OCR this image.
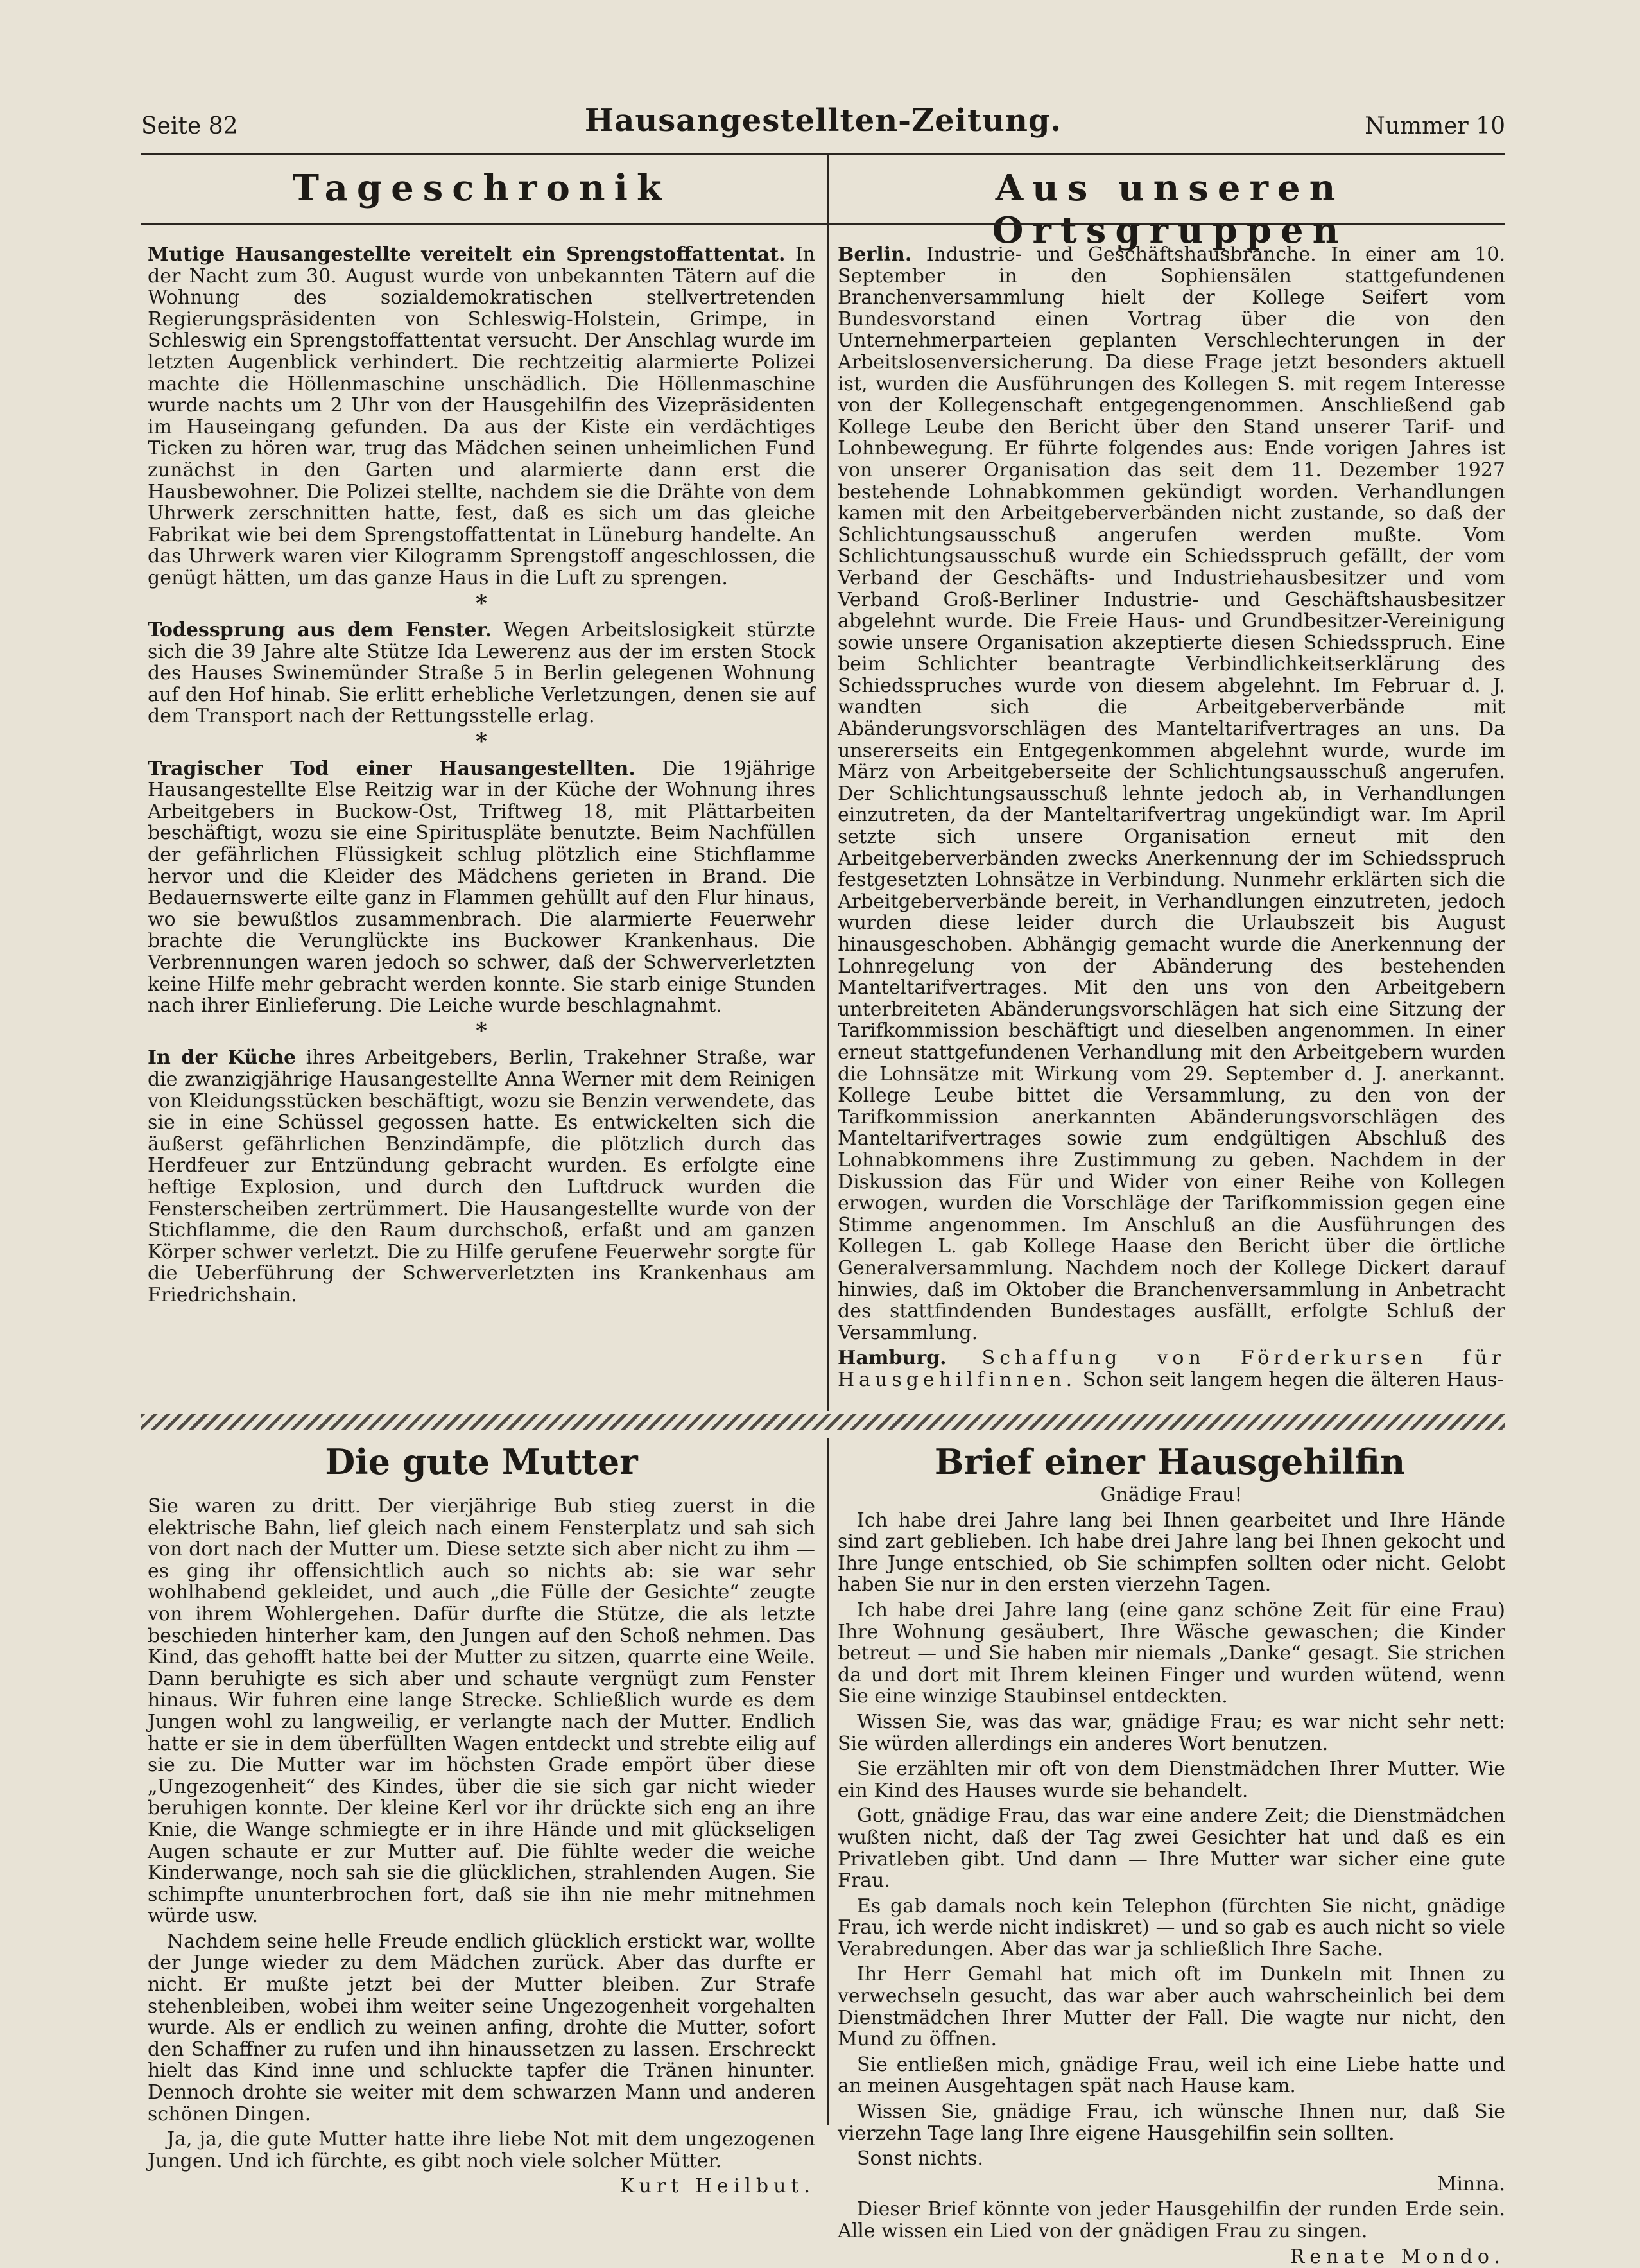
Seite 82	Hausangestellten-Zeitung.	Nummer 10
Tageschronik	Aus unseren Ortsgruppen

Mutige Hausangestellte vereitelt ein Sprengstoffattentat. In der Nacht zum 30. August wurde von unbekannten Tätern auf die Wohnung des sozialdemokratischen stellvertretenden Regierungspräsidenten von Schleswig-Holstein, Grimpe, in Schleswig ein Sprengstoffattentat versucht. Der Anschlag wurde im letzten Augenblick verhindert. Die rechtzeitig alarmierte Polizei machte die Höllenmaschine unschädlich. Die Höllenmaschine wurde nachts um 2 Uhr von der Hausgehilfin des Vizepräsidenten im Hauseingang gefunden. Da aus der Kiste ein verdächtiges Ticken zu hören war, trug das Mädchen seinen unheimlichen Fund zunächst in den Garten und alarmierte dann erst die Hausbewohner. Die Polizei stellte, nachdem sie die Drähte von dem Uhrwerk zerschnitten hatte, fest, daß es sich um das gleiche Fabrikat wie bei dem Sprengstoffattentat in Lüneburg handelte. An das Uhrwerk waren vier Kilogramm Sprengstoff angeschlossen, die genügt hätten, um das ganze Haus in die Luft zu sprengen.

*

Todessprung aus dem Fenster. Wegen Arbeitslosigkeit stürzte sich die 39 Jahre alte Stütze Ida Lewerenz aus der im ersten Stock des Hauses Swinemünder Straße 5 in Berlin gelegenen Wohnung auf den Hof hinab. Sie erlitt erhebliche Verletzungen, denen sie auf dem Transport nach der Rettungsstelle erlag.

*

Tragischer Tod einer Hausangestellten. Die 19jährige Hausangestellte Else Reitzig war in der Küche der Wohnung ihres Arbeitgebers in Buckow-Ost, Triftweg 18, mit Plättarbeiten beschäftigt, wozu sie eine Spirituspläte benutzte. Beim Nachfüllen der gefährlichen Flüssigkeit schlug plötzlich eine Stichflamme hervor und die Kleider des Mädchens gerieten in Brand. Die Bedauernswerte eilte ganz in Flammen gehüllt auf den Flur hinaus, wo sie bewußtlos zusammenbrach. Die alarmierte Feuerwehr brachte die Verunglückte ins Buckower Krankenhaus. Die Verbrennungen waren jedoch so schwer, daß der Schwerverletzten keine Hilfe mehr gebracht werden konnte. Sie starb einige Stunden nach ihrer Einlieferung. Die Leiche wurde beschlagnahmt.

*

In der Küche ihres Arbeitgebers, Berlin, Trakehner Straße, war die zwanzigjährige Hausangestellte Anna Werner mit dem Reinigen von Kleidungsstücken beschäftigt, wozu sie Benzin verwendete, das sie in eine Schüssel gegossen hatte. Es entwickelten sich die äußerst gefährlichen Benzindämpfe, die plötzlich durch das Herdfeuer zur Entzündung gebracht wurden. Es erfolgte eine heftige Explosion, und durch den Luftdruck wurden die Fensterscheiben zertrümmert. Die Hausangestellte wurde von der Stichflamme, die den Raum durchschoß, erfaßt und am ganzen Körper schwer verletzt. Die zu Hilfe gerufene Feuerwehr sorgte für die Ueberführung der Schwerverletzten ins Krankenhaus am Friedrichshain.

Berlin. Industrie- und Geschäftshausbranche. In einer am 10. September in den Sophiensälen stattgefundenen Branchenversammlung hielt der Kollege Seifert vom Bundesvorstand einen Vortrag über die von den Unternehmerparteien geplanten Verschlechterungen in der Arbeitslosenversicherung. Da diese Frage jetzt besonders aktuell ist, wurden die Ausführungen des Kollegen S. mit regem Interesse von der Kollegenschaft entgegengenommen. Anschließend gab Kollege Leube den Bericht über den Stand unserer Tarif- und Lohnbewegung. Er führte folgendes aus: Ende vorigen Jahres ist von unserer Organisation das seit dem 11. Dezember 1927 bestehende Lohnabkommen gekündigt worden. Verhandlungen kamen mit den Arbeitgeberverbänden nicht zustande, so daß der Schlichtungsausschuß angerufen werden mußte. Vom Schlichtungsausschuß wurde ein Schiedsspruch gefällt, der vom Verband der Geschäfts- und Industriehausbesitzer und vom Verband Groß-Berliner Industrie- und Geschäftshausbesitzer abgelehnt wurde. Die Freie Haus- und Grundbesitzer-Vereinigung sowie unsere Organisation akzeptierte diesen Schiedsspruch. Eine beim Schlichter beantragte Verbindlichkeitserklärung des Schiedsspruches wurde von diesem abgelehnt. Im Februar d. J. wandten sich die Arbeitgeberverbände mit Abänderungsvorschlägen des Manteltarifvertrages an uns. Da unsererseits ein Entgegenkommen abgelehnt wurde, wurde im März von Arbeitgeberseite der Schlichtungsausschuß angerufen. Der Schlichtungsausschuß lehnte jedoch ab, in Verhandlungen einzutreten, da der Manteltarifvertrag ungekündigt war. Im April setzte sich unsere Organisation erneut mit den Arbeitgeberverbänden zwecks Anerkennung der im Schiedsspruch festgesetzten Lohnsätze in Verbindung. Nunmehr erklärten sich die Arbeitgeberverbände bereit, in Verhandlungen einzutreten, jedoch wurden diese leider durch die Urlaubszeit bis August hinausgeschoben. Abhängig gemacht wurde die Anerkennung der Lohnregelung von der Abänderung des bestehenden Manteltarifvertrages. Mit den uns von den Arbeitgebern unterbreiteten Abänderungsvorschlägen hat sich eine Sitzung der Tarifkommission beschäftigt und dieselben angenommen. In einer erneut stattgefundenen Verhandlung mit den Arbeitgebern wurden die Lohnsätze mit Wirkung vom 29. September d. J. anerkannt. Kollege Leube bittet die Versammlung, zu den von der Tarifkommission anerkannten Abänderungsvorschlägen des Manteltarifvertrages sowie zum endgültigen Abschluß des Lohnabkommens ihre Zustimmung zu geben. Nachdem in der Diskussion das Für und Wider von einer Reihe von Kollegen erwogen, wurden die Vorschläge der Tarifkommission gegen eine Stimme angenommen. Im Anschluß an die Ausführungen des Kollegen L. gab Kollege Haase den Bericht über die örtliche Generalversammlung. Nachdem noch der Kollege Dickert darauf hinwies, daß im Oktober die Branchenversammlung in Anbetracht des stattfindenden Bundestages ausfällt, erfolgte Schluß der Versammlung.

Hamburg. Schaffung von Förderkursen für Hausgehilfinnen. Schon seit langem hegen die älteren Haus-

Die gute Mutter	Brief einer Hausgehilfin

Sie waren zu dritt. Der vierjährige Bub stieg zuerst in die elektrische Bahn, lief gleich nach einem Fensterplatz und sah sich von dort nach der Mutter um. Diese setzte sich aber nicht zu ihm — es ging ihr offensichtlich auch so nichts ab: sie war sehr wohlhabend gekleidet, und auch „die Fülle der Gesichte“ zeugte von ihrem Wohlergehen. Dafür durfte die Stütze, die als letzte beschieden hinterher kam, den Jungen auf den Schoß nehmen. Das Kind, das gehofft hatte bei der Mutter zu sitzen, quarrte eine Weile. Dann beruhigte es sich aber und schaute vergnügt zum Fenster hinaus. Wir fuhren eine lange Strecke. Schließlich wurde es dem Jungen wohl zu langweilig, er verlangte nach der Mutter. Endlich hatte er sie in dem überfüllten Wagen entdeckt und strebte eilig auf sie zu. Die Mutter war im höchsten Grade empört über diese „Ungezogenheit“ des Kindes, über die sie sich gar nicht wieder beruhigen konnte. Der kleine Kerl vor ihr drückte sich eng an ihre Knie, die Wange schmiegte er in ihre Hände und mit glückseligen Augen schaute er zur Mutter auf. Die fühlte weder die weiche Kinderwange, noch sah sie die glücklichen, strahlenden Augen. Sie schimpfte ununterbrochen fort, daß sie ihn nie mehr mitnehmen würde usw.

Nachdem seine helle Freude endlich glücklich erstickt war, wollte der Junge wieder zu dem Mädchen zurück. Aber das durfte er nicht. Er mußte jetzt bei der Mutter bleiben. Zur Strafe stehenbleiben, wobei ihm weiter seine Ungezogenheit vorgehalten wurde. Als er endlich zu weinen anfing, drohte die Mutter, sofort den Schaffner zu rufen und ihn hinaussetzen zu lassen. Erschreckt hielt das Kind inne und schluckte tapfer die Tränen hinunter. Dennoch drohte sie weiter mit dem schwarzen Mann und anderen schönen Dingen.

Ja, ja, die gute Mutter hatte ihre liebe Not mit dem ungezogenen Jungen. Und ich fürchte, es gibt noch viele solcher Mütter.

Kurt Heilbut.

Gnädige Frau!

Ich habe drei Jahre lang bei Ihnen gearbeitet und Ihre Hände sind zart geblieben. Ich habe drei Jahre lang bei Ihnen gekocht und Ihre Junge entschied, ob Sie schimpfen sollten oder nicht. Gelobt haben Sie nur in den ersten vierzehn Tagen.

Ich habe drei Jahre lang (eine ganz schöne Zeit für eine Frau) Ihre Wohnung gesäubert, Ihre Wäsche gewaschen; die Kinder betreut — und Sie haben mir niemals „Danke“ gesagt. Sie strichen da und dort mit Ihrem kleinen Finger und wurden wütend, wenn Sie eine winzige Staubinsel entdeckten.

Wissen Sie, was das war, gnädige Frau; es war nicht sehr nett: Sie würden allerdings ein anderes Wort benutzen.

Sie erzählten mir oft von dem Dienstmädchen Ihrer Mutter. Wie ein Kind des Hauses wurde sie behandelt.

Gott, gnädige Frau, das war eine andere Zeit; die Dienstmädchen wußten nicht, daß der Tag zwei Gesichter hat und daß es ein Privatleben gibt. Und dann — Ihre Mutter war sicher eine gute Frau.

Es gab damals noch kein Telephon (fürchten Sie nicht, gnädige Frau, ich werde nicht indiskret) — und so gab es auch nicht so viele Verabredungen. Aber das war ja schließlich Ihre Sache.

Ihr Herr Gemahl hat mich oft im Dunkeln mit Ihnen zu verwechseln gesucht, das war aber auch wahrscheinlich bei dem Dienstmädchen Ihrer Mutter der Fall. Die wagte nur nicht, den Mund zu öffnen.

Sie entließen mich, gnädige Frau, weil ich eine Liebe hatte und an meinen Ausgehtagen spät nach Hause kam.

Wissen Sie, gnädige Frau, ich wünsche Ihnen nur, daß Sie vierzehn Tage lang Ihre eigene Hausgehilfin sein sollten.

Sonst nichts.

Minna.

Dieser Brief könnte von jeder Hausgehilfin der runden Erde sein. Alle wissen ein Lied von der gnädigen Frau zu singen.

Renate Mondo.
